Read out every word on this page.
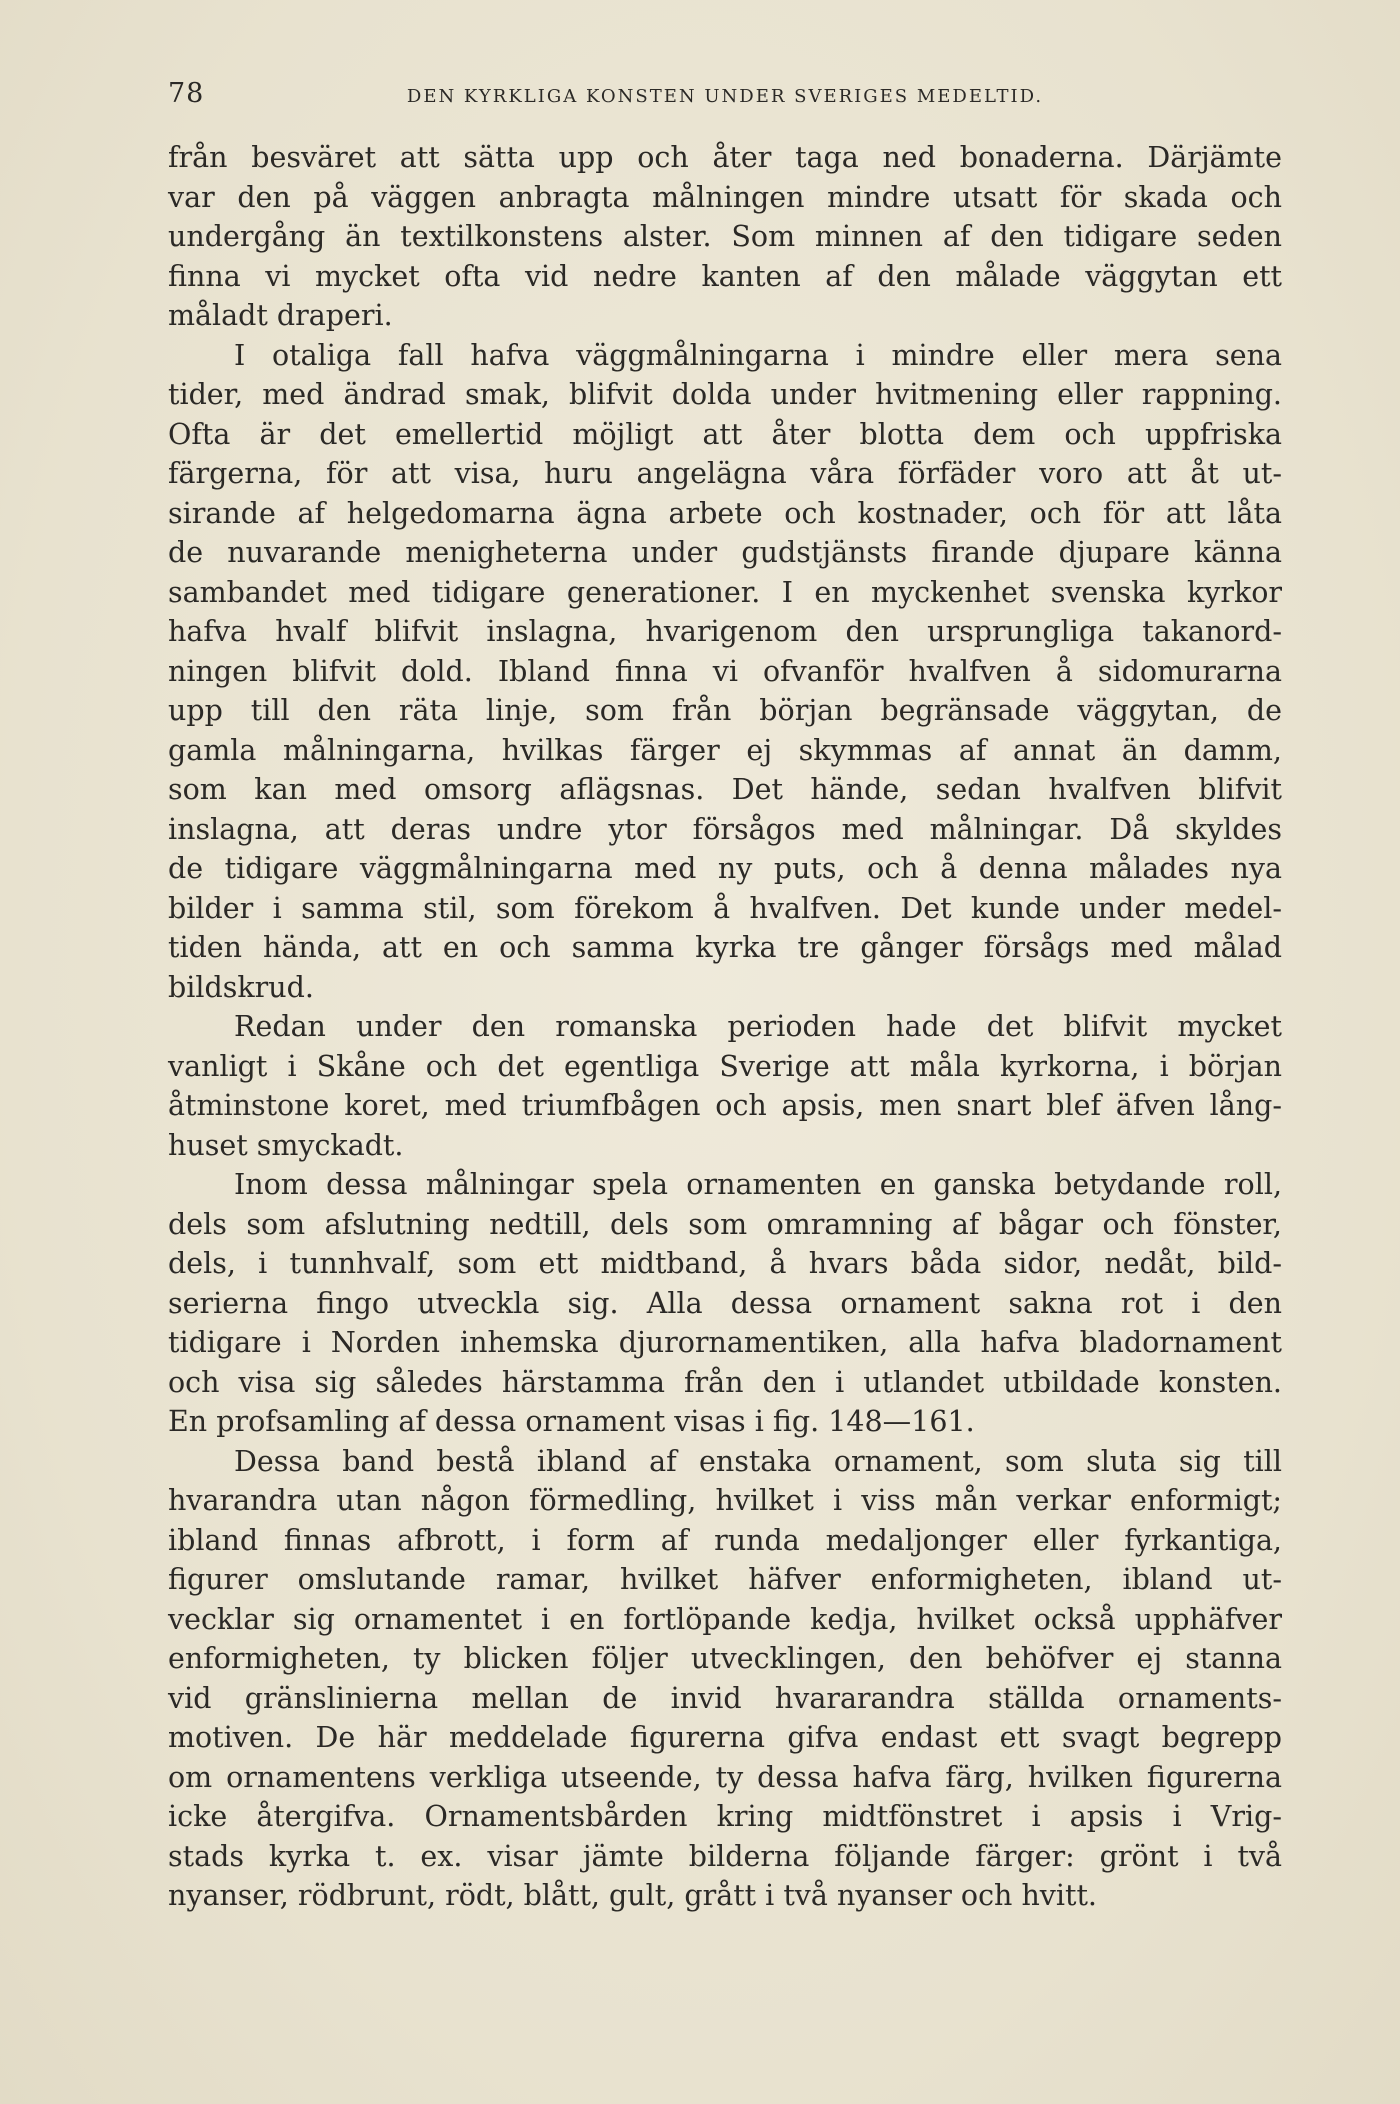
78	DEN KYRKLIGA KONSTEN UNDER SVERIGES MEDELTID.
från besväret att sätta upp och åter taga ned bonaderna. Därjämte
var den på väggen anbragta målningen mindre utsatt för skada och
undergång än textilkonstens alster. Som minnen af den tidigare seden
finna vi mycket ofta vid nedre kanten af den målade väggytan ett
måladt draperi.
I otaliga fall hafva väggmålningarna i mindre eller mera sena
tider, med ändrad smak, blifvit dolda under hvitmening eller rappning.
Ofta är det emellertid möjligt att åter blotta dem och uppfriska
färgerna, för att visa, huru angelägna våra förfäder voro att åt ut-
sirande af helgedomarna ägna arbete och kostnader, och för att låta
de nuvarande menigheterna under gudstjänsts firande djupare känna
sambandet med tidigare generationer. I en myckenhet svenska kyrkor
hafva hvalf blifvit inslagna, hvarigenom den ursprungliga takanord-
ningen blifvit dold. Ibland finna vi ofvanför hvalfven å sidomurarna
upp till den räta linje, som från början begränsade väggytan, de
gamla målningarna, hvilkas färger ej skymmas af annat än damm,
som kan med omsorg aflägsnas. Det hände, sedan hvalfven blifvit
inslagna, att deras undre ytor försågos med målningar. Då skyldes
de tidigare väggmålningarna med ny puts, och å denna målades nya
bilder i samma stil, som förekom å hvalfven. Det kunde under medel-
tiden hända, att en och samma kyrka tre gånger försågs med målad
bildskrud.
Redan under den romanska perioden hade det blifvit mycket
vanligt i Skåne och det egentliga Sverige att måla kyrkorna, i början
åtminstone koret, med triumfbågen och apsis, men snart blef äfven lång-
huset smyckadt.
Inom dessa målningar spela ornamenten en ganska betydande roll,
dels som afslutning nedtill, dels som omramning af bågar och fönster,
dels, i tunnhvalf, som ett midtband, å hvars båda sidor, nedåt, bild-
serierna fingo utveckla sig. Alla dessa ornament sakna rot i den
tidigare i Norden inhemska djurornamentiken, alla hafva bladornament
och visa sig således härstamma från den i utlandet utbildade konsten.
En profsamling af dessa ornament visas i fig. 148—161.
Dessa band bestå ibland af enstaka ornament, som sluta sig till
hvarandra utan någon förmedling, hvilket i viss mån verkar enformigt;
ibland finnas afbrott, i form af runda medaljonger eller fyrkantiga,
figurer omslutande ramar, hvilket häfver enformigheten, ibland ut-
vecklar sig ornamentet i en fortlöpande kedja, hvilket också upphäfver
enformigheten, ty blicken följer utvecklingen, den behöfver ej stanna
vid gränslinierna mellan de invid hvararandra ställda ornaments-
motiven. De här meddelade figurerna gifva endast ett svagt begrepp
om ornamentens verkliga utseende, ty dessa hafva färg, hvilken figurerna
icke återgifva. Ornamentsbården kring midtfönstret i apsis i Vrig-
stads kyrka t. ex. visar jämte bilderna följande färger: grönt i två
nyanser, rödbrunt, rödt, blått, gult, grått i två nyanser och hvitt.
